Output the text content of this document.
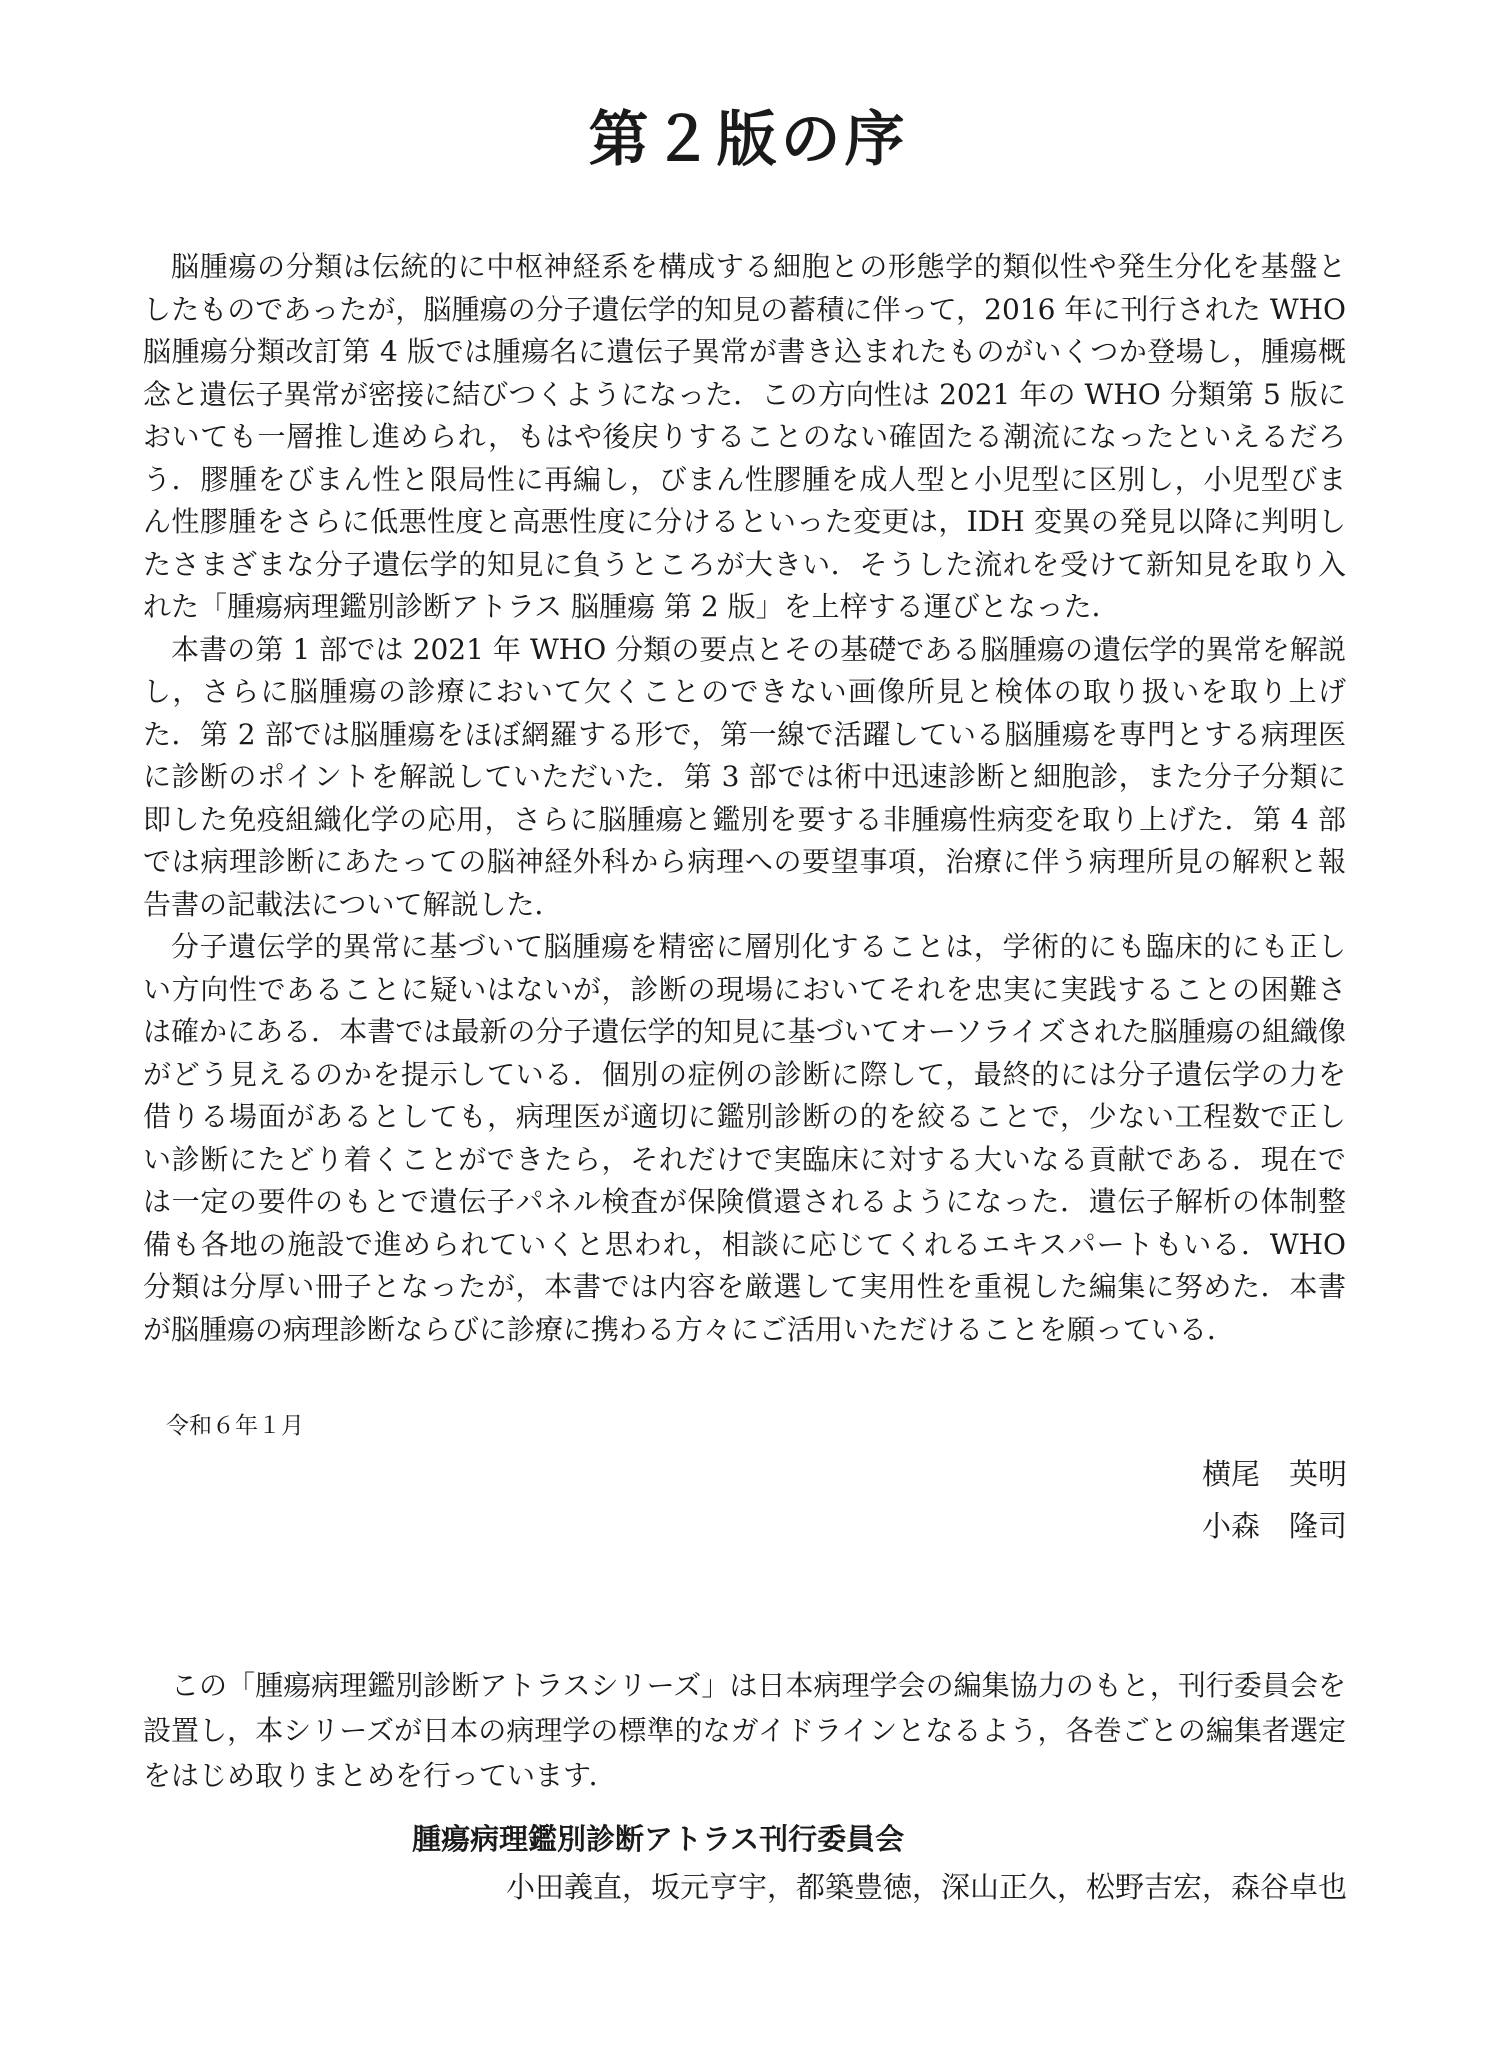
第２版の序

脳腫瘍の分類は伝統的に中枢神経系を構成する細胞との形態学的類似性や発生分化を基盤としたものであったが，脳腫瘍の分子遺伝学的知見の蓄積に伴って，2016 年に刊行された WHO 脳腫瘍分類改訂第 4 版では腫瘍名に遺伝子異常が書き込まれたものがいくつか登場し，腫瘍概念と遺伝子異常が密接に結びつくようになった．この方向性は 2021 年の WHO 分類第 5 版においても一層推し進められ，もはや後戻りすることのない確固たる潮流になったといえるだろう．膠腫をびまん性と限局性に再編し，びまん性膠腫を成人型と小児型に区別し，小児型びまん性膠腫をさらに低悪性度と高悪性度に分けるといった変更は，IDH 変異の発見以降に判明したさまざまな分子遺伝学的知見に負うところが大きい．そうした流れを受けて新知見を取り入れた「腫瘍病理鑑別診断アトラス 脳腫瘍 第 2 版」を上梓する運びとなった．

本書の第 1 部では 2021 年 WHO 分類の要点とその基礎である脳腫瘍の遺伝学的異常を解説し，さらに脳腫瘍の診療において欠くことのできない画像所見と検体の取り扱いを取り上げた．第 2 部では脳腫瘍をほぼ網羅する形で，第一線で活躍している脳腫瘍を専門とする病理医に診断のポイントを解説していただいた．第 3 部では術中迅速診断と細胞診，また分子分類に即した免疫組織化学の応用，さらに脳腫瘍と鑑別を要する非腫瘍性病変を取り上げた．第 4 部では病理診断にあたっての脳神経外科から病理への要望事項，治療に伴う病理所見の解釈と報告書の記載法について解説した．

分子遺伝学的異常に基づいて脳腫瘍を精密に層別化することは，学術的にも臨床的にも正しい方向性であることに疑いはないが，診断の現場においてそれを忠実に実践することの困難さは確かにある．本書では最新の分子遺伝学的知見に基づいてオーソライズされた脳腫瘍の組織像がどう見えるのかを提示している．個別の症例の診断に際して，最終的には分子遺伝学の力を借りる場面があるとしても，病理医が適切に鑑別診断の的を絞ることで，少ない工程数で正しい診断にたどり着くことができたら，それだけで実臨床に対する大いなる貢献である．現在では一定の要件のもとで遺伝子パネル検査が保険償還されるようになった．遺伝子解析の体制整備も各地の施設で進められていくと思われ，相談に応じてくれるエキスパートもいる．WHO 分類は分厚い冊子となったが，本書では内容を厳選して実用性を重視した編集に努めた．本書が脳腫瘍の病理診断ならびに診療に携わる方々にご活用いただけることを願っている．

令和６年１月
横尾　英明
小森　隆司
この「腫瘍病理鑑別診断アトラスシリーズ」は日本病理学会の編集協力のもと，刊行委員会を設置し，本シリーズが日本の病理学の標準的なガイドラインとなるよう，各巻ごとの編集者選定をはじめ取りまとめを行っています．
腫瘍病理鑑別診断アトラス刊行委員会
小田義直，坂元亨宇，都築豊徳，深山正久，松野吉宏，森谷卓也
